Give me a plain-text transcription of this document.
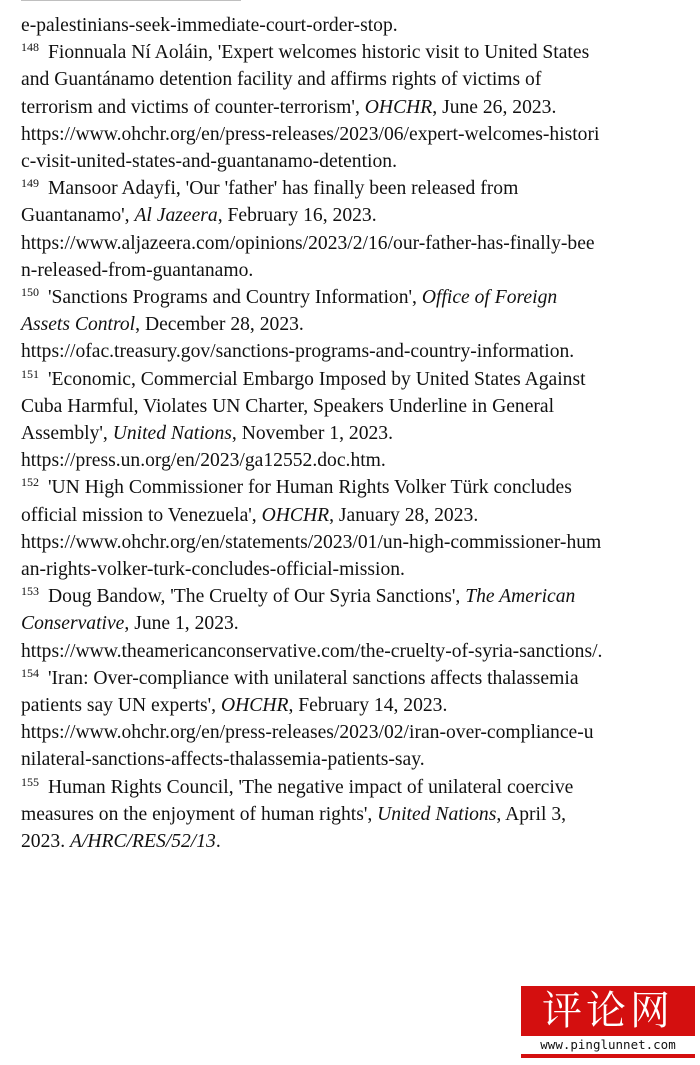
e-palestinians-seek-immediate-court-order-stop.

$^{148}$ Fionnuala Ní Aoláin, 'Expert welcomes historic visit to United States
and Guantánamo detention facility and affirms rights of victims of
terrorism and victims of counter-terrorism', OHCHR, June 26, 2023.
https://www.ohchr.org/en/press-releases/2023/06/expert-welcomes-histori
c-visit-united-states-and-guantanamo-detention.
$^{149}$ Mansoor Adayfi, 'Our 'father' has finally been released from
Guantanamo', Al Jazeera, February 16, 2023.
https://www.aljazeera.com/opinions/2023/2/16/our-father-has-finally-bee
n-released-from-guantanamo.
$^{150}$ 'Sanctions Programs and Country Information', Office of Foreign
Assets Control, December 28, 2023.
https://ofac.treasury.gov/sanctions-programs-and-country-information.
$^{151}$ 'Economic, Commercial Embargo Imposed by United States Against
Cuba Harmful, Violates UN Charter, Speakers Underline in General
Assembly', United Nations, November 1, 2023.
https://press.un.org/en/2023/ga12552.doc.htm.
$^{152}$ 'UN High Commissioner for Human Rights Volker Türk concludes
official mission to Venezuela', OHCHR, January 28, 2023.
https://www.ohchr.org/en/statements/2023/01/un-high-commissioner-hum
an-rights-volker-turk-concludes-official-mission.
$^{153}$ Doug Bandow, 'The Cruelty of Our Syria Sanctions', The American
Conservative, June 1, 2023.
https://www.theamericanconservative.com/the-cruelty-of-syria-sanctions/.
$^{154}$ 'Iran: Over-compliance with unilateral sanctions affects thalassemia
patients say UN experts', OHCHR, February 14, 2023.
https://www.ohchr.org/en/press-releases/2023/02/iran-over-compliance-u
nilateral-sanctions-affects-thalassemia-patients-say.
$^{155}$ Human Rights Council, 'The negative impact of unilateral coercive
measures on the enjoyment of human rights', United Nations, April 3,
2023. A/HRC/RES/52/13.
评论网
www.pinglunnet.com
